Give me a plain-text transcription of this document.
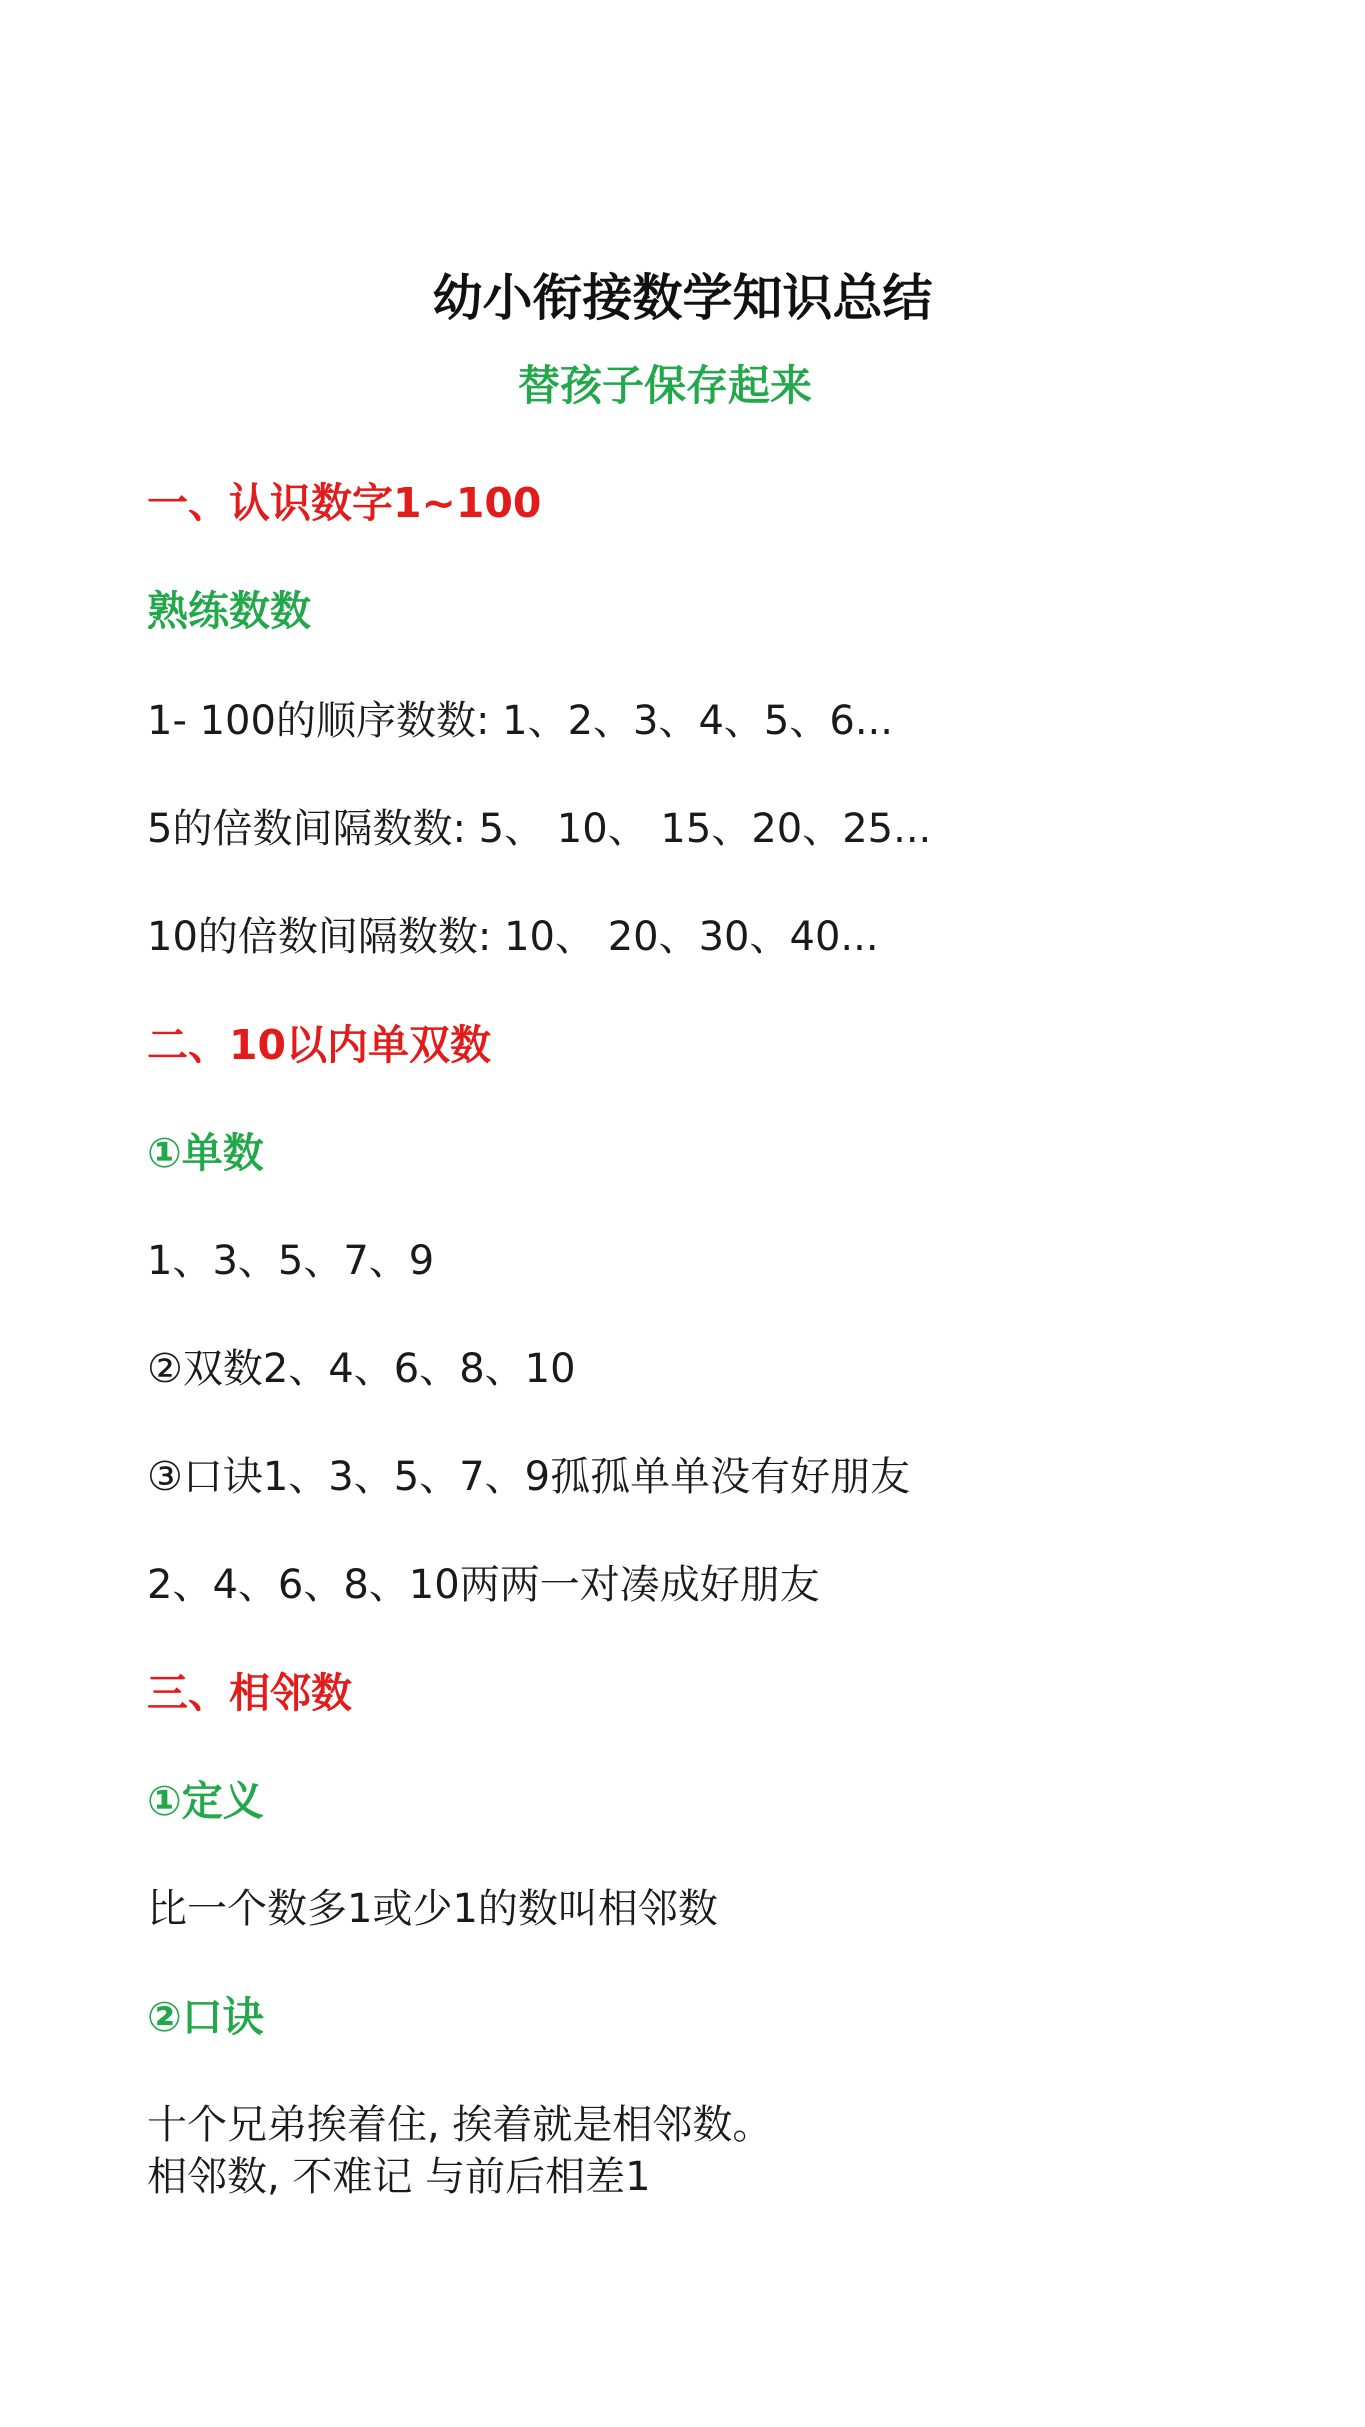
幼小衔接数学知识总结
替孩子保存起来
一、认识数字1~100
熟练数数
1- 100的顺序数数: 1、2、3、4、5、6...
5的倍数间隔数数: 5、 10、 15、20、25...
10的倍数间隔数数: 10、 20、30、40...
二、10以内单双数
①单数
1、3、5、7、9
②双数2、4、6、8、10
③口诀1、3、5、7、9孤孤单单没有好朋友
2、4、6、8、10两两一对凑成好朋友
三、相邻数
①定义
比一个数多1或少1的数叫相邻数
②口诀
十个兄弟挨着住, 挨着就是相邻数。
相邻数, 不难记 与前后相差1
